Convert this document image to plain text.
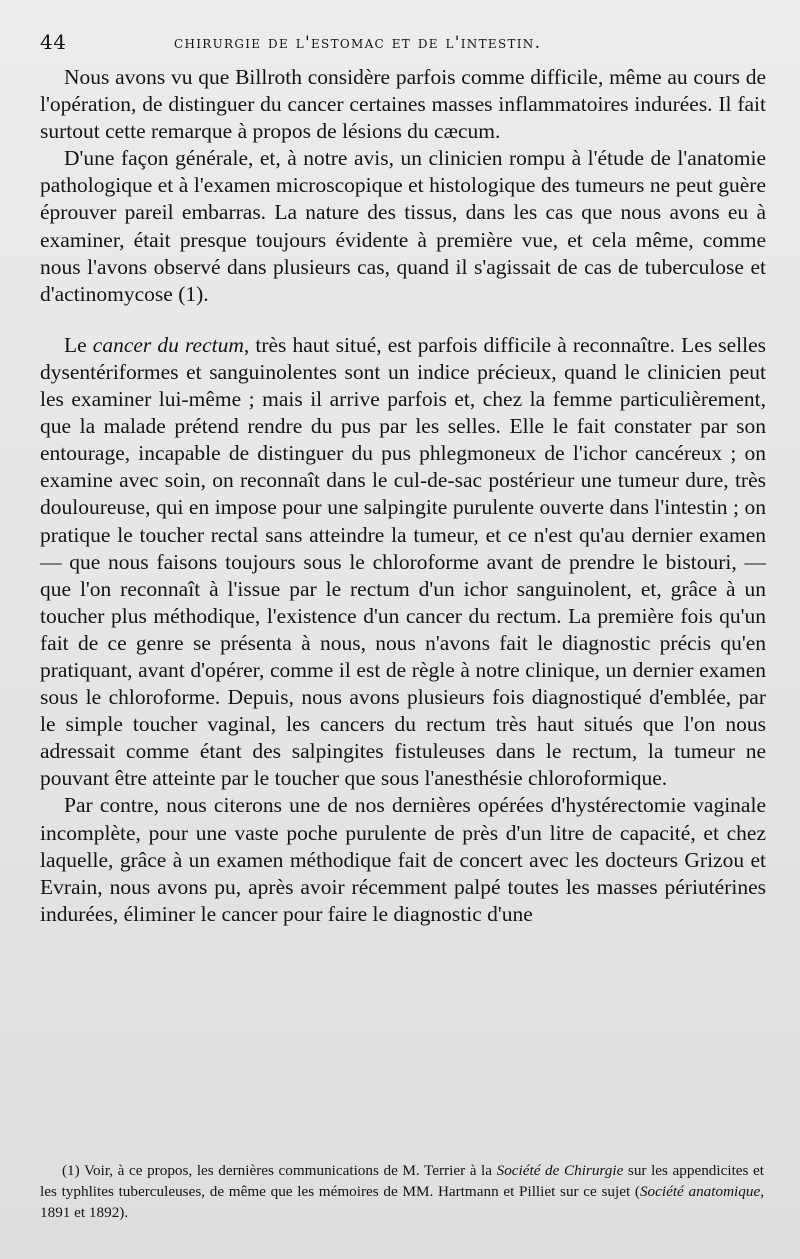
44	chirurgie de l'estomac et de l'intestin.

Nous avons vu que Billroth considère parfois comme difficile, même au cours de l'opération, de distinguer du cancer certaines masses inflammatoires indurées. Il fait surtout cette remarque à propos de lésions du cæcum.

D'une façon générale, et, à notre avis, un clinicien rompu à l'étude de l'anatomie pathologique et à l'examen microscopique et histologique des tumeurs ne peut guère éprouver pareil embarras. La nature des tissus, dans les cas que nous avons eu à examiner, était presque toujours évidente à première vue, et cela même, comme nous l'avons observé dans plusieurs cas, quand il s'agissait de cas de tuberculose et d'actinomycose (1).

Le cancer du rectum, très haut situé, est parfois difficile à reconnaître. Les selles dysentériformes et sanguinolentes sont un indice précieux, quand le clinicien peut les examiner lui-même ; mais il arrive parfois et, chez la femme particulièrement, que la malade prétend rendre du pus par les selles. Elle le fait constater par son entourage, incapable de distinguer du pus phlegmoneux de l'ichor cancéreux ; on examine avec soin, on reconnaît dans le cul-de-sac postérieur une tumeur dure, très douloureuse, qui en impose pour une salpingite purulente ouverte dans l'intestin ; on pratique le toucher rectal sans atteindre la tumeur, et ce n'est qu'au dernier examen — que nous faisons toujours sous le chloroforme avant de prendre le bistouri, — que l'on reconnaît à l'issue par le rectum d'un ichor sanguinolent, et, grâce à un toucher plus méthodique, l'existence d'un cancer du rectum. La première fois qu'un fait de ce genre se présenta à nous, nous n'avons fait le diagnostic précis qu'en pratiquant, avant d'opérer, comme il est de règle à notre clinique, un dernier examen sous le chloroforme. Depuis, nous avons plusieurs fois diagnostiqué d'emblée, par le simple toucher vaginal, les cancers du rectum très haut situés que l'on nous adressait comme étant des salpingites fistuleuses dans le rectum, la tumeur ne pouvant être atteinte par le toucher que sous l'anesthésie chloroformique.

Par contre, nous citerons une de nos dernières opérées d'hystérectomie vaginale incomplète, pour une vaste poche purulente de près d'un litre de capacité, et chez laquelle, grâce à un examen méthodique fait de concert avec les docteurs Grizou et Evrain, nous avons pu, après avoir récemment palpé toutes les masses périutérines indurées, éliminer le cancer pour faire le diagnostic d'une

(1) Voir, à ce propos, les dernières communications de M. Terrier à la Société de Chirurgie sur les appendicites et les typhlites tuberculeuses, de même que les mémoires de MM. Hartmann et Pilliet sur ce sujet (Société anatomique, 1891 et 1892).
